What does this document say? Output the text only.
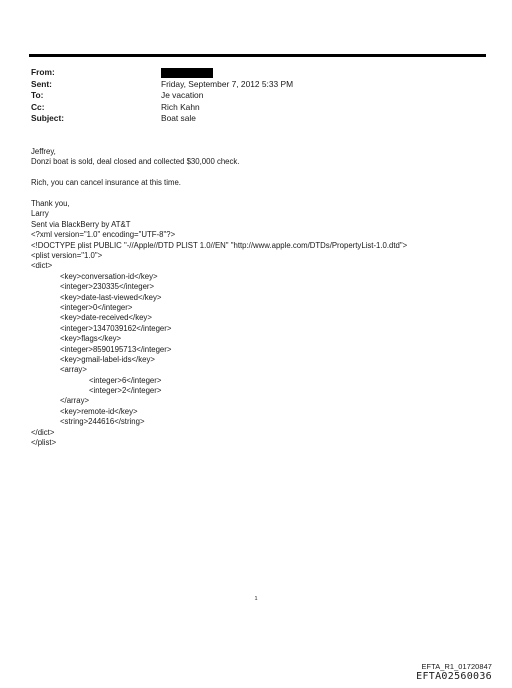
From:
Sent:	Friday, September 7, 2012 5:33 PM
To:	Je vacation
Cc:	Rich Kahn
Subject:	Boat sale

Jeffrey,

Donzi boat is sold, deal closed and collected $30,000 check.

Rich, you can cancel insurance at this time.

Thank you,

Larry

Sent via BlackBerry by AT&T

<?xml version="1.0" encoding="UTF-8"?>
<!DOCTYPE plist PUBLIC "-//Apple//DTD PLIST 1.0//EN" "http://www.apple.com/DTDs/PropertyList-1.0.dtd">
<plist version="1.0">
<dict>
<key>conversation-id</key>
<integer>230335</integer>
<key>date-last-viewed</key>
<integer>0</integer>
<key>date-received</key>
<integer>1347039162</integer>
<key>flags</key>
<integer>8590195713</integer>
<key>gmail-label-ids</key>
<array>
<integer>6</integer>
<integer>2</integer>
</array>
<key>remote-id</key>
<string>244616</string>
</dict>
</plist>
1
EFTA_R1_01720847
EFTA02560036
